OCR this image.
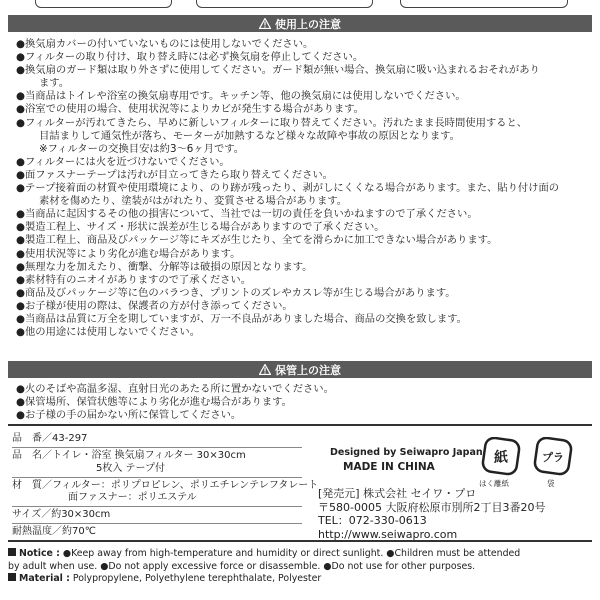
使用上の注意
●換気扇カバーの付いていないものには使用しないでください。
●フィルターの取り付け、取り替え時には必ず換気扇を停止してください。
●換気扇のガード類は取り外さずに使用してください。ガード類が無い場合、換気扇に吸い込まれるおそれがあり
ます。
●当商品はトイレや浴室の換気扇専用です。キッチン等、他の換気扇には使用しないでください。
●浴室での使用の場合、使用状況等によりカビが発生する場合があります。
●フィルターが汚れてきたら、早めに新しいフィルターに取り替えてください。汚れたまま長時間使用すると、
目詰まりして通気性が落ち、モーターが加熱するなど様々な故障や事故の原因となります。
※フィルターの交換目安は約3～6ヶ月です。
●フィルターには火を近づけないでください。
●面ファスナーテープは汚れが目立ってきたら取り替えてください。
●テープ接着面の材質や使用環境により、のり跡が残ったり、剥がしにくくなる場合があります。また、貼り付け面の
素材を傷めたり、塗装がはがれたり、変質させる場合があります。
●当商品に起因するその他の損害について、当社では一切の責任を負いかねますので了承ください。
●製造工程上、サイズ・形状に誤差が生じる場合がありますので了承ください。
●製造工程上、商品及びパッケージ等にキズが生じたり、全てを滑らかに加工できない場合があります。
●使用状況等により劣化が進む場合があります。
●無理な力を加えたり、衝撃、分解等は破損の原因となります。
●素材特有のニオイがありますので了承ください。
●商品及びパッケージ等に色のバラつき、プリントのズレやカスレ等が生じる場合があります。
●お子様が使用の際は、保護者の方が付き添ってください。
●当商品は品質に万全を期していますが、万一不良品がありました場合、商品の交換を致します。
●他の用途には使用しないでください。
保管上の注意
●火のそばや高温多湿、直射日光のあたる所に置かないでください。
●保管場所、保管状態等により劣化が進む場合があります。
●お子様の手の届かない所に保管してください。
品　番／43-297
品　名／トイレ・浴室 換気扇フィルター 30×30cm
5枚入 テープ付
材　質／フィルター：ポリプロピレン、ポリエチレンテレフタレート
面ファスナー：ポリエステル
サイズ／約30×30cm
耐熱温度／約70℃
Designed by Seiwapro Japan
MADE IN CHINA
紙	プラ
はく離紙	袋
[発売元] 株式会社 セイワ・プロ
〒580-0005 大阪府松原市別所2丁目3番20号
TEL：072-330-0613
http://www.seiwapro.com
Notice : ●Keep away from high-temperature and humidity or direct sunlight. ●Children must be attended
by adult when use. ●Do not apply excessive force or disassemble. ●Do not use for other purposes.
Material : Polypropylene, Polyethylene terephthalate, Polyester
